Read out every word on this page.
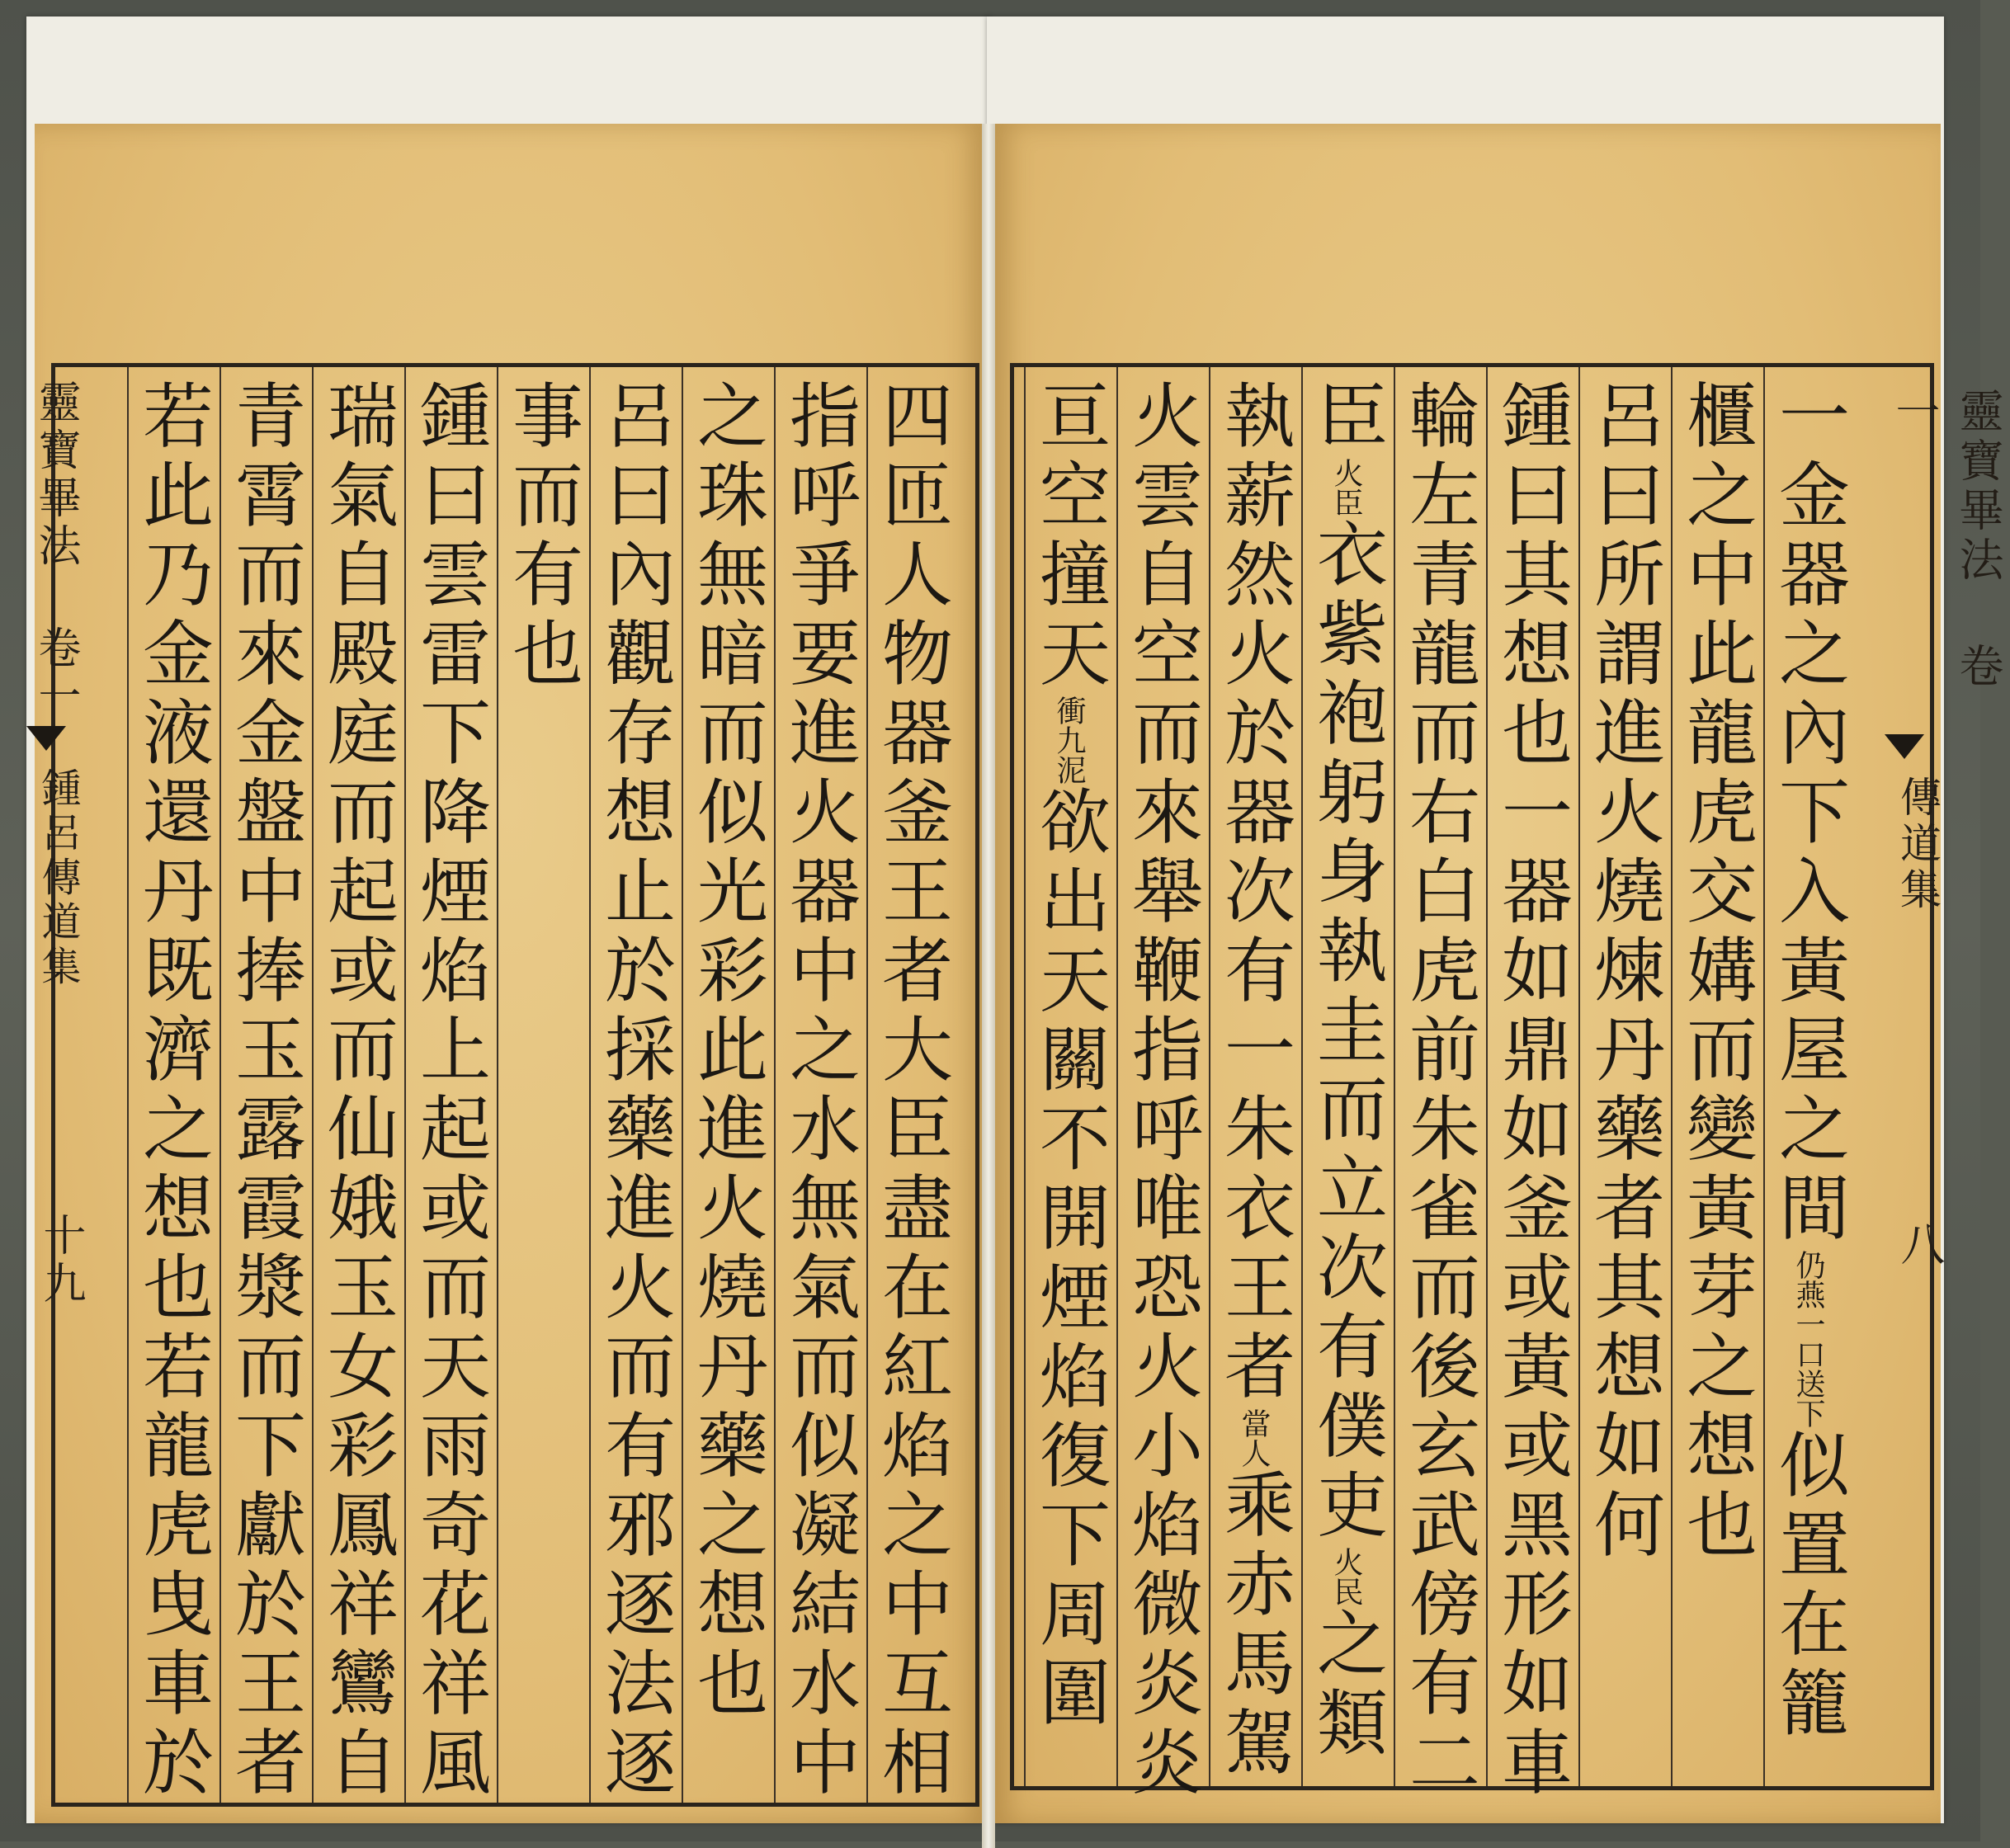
四匝人物器釜王者大臣盡在紅焰之中互相
指呼爭要進火器中之水無氣而似凝結水中
之珠無暗而似光彩此進火燒丹藥之想也
呂曰內觀存想止於採藥進火而有邪逐法逐
事而有也
鍾曰雲雷下降煙焰上起或而天雨奇花祥風
瑞氣自殿庭而起或而仙娥玉女彩鳳祥鸞自
青霄而來金盤中捧玉露霞漿而下獻於王者
若此乃金液還丹既濟之想也若龍虎曳車於	一金器之內下入黃屋之間仍燕一口送下似置在籠
櫃之中此龍虎交媾而變黃芽之想也
呂曰所謂進火燒煉丹藥者其想如何
鍾曰其想也一器如鼎如釜或黃或黑形如車
輪左青龍而右白虎前朱雀而後玄武傍有二
臣火臣衣紫袍躬身執圭而立次有僕吏火民之類
執薪然火於器次有一朱衣王者當人乘赤馬駕
火雲自空而來舉鞭指呼唯恐火小焰微炎炎
亘空撞天衝九泥欲出天關不開煙焰復下周圍
靈寶畢法 卷一
傳道集
八
靈寶畢法 卷一
鍾呂傳道集
十九
